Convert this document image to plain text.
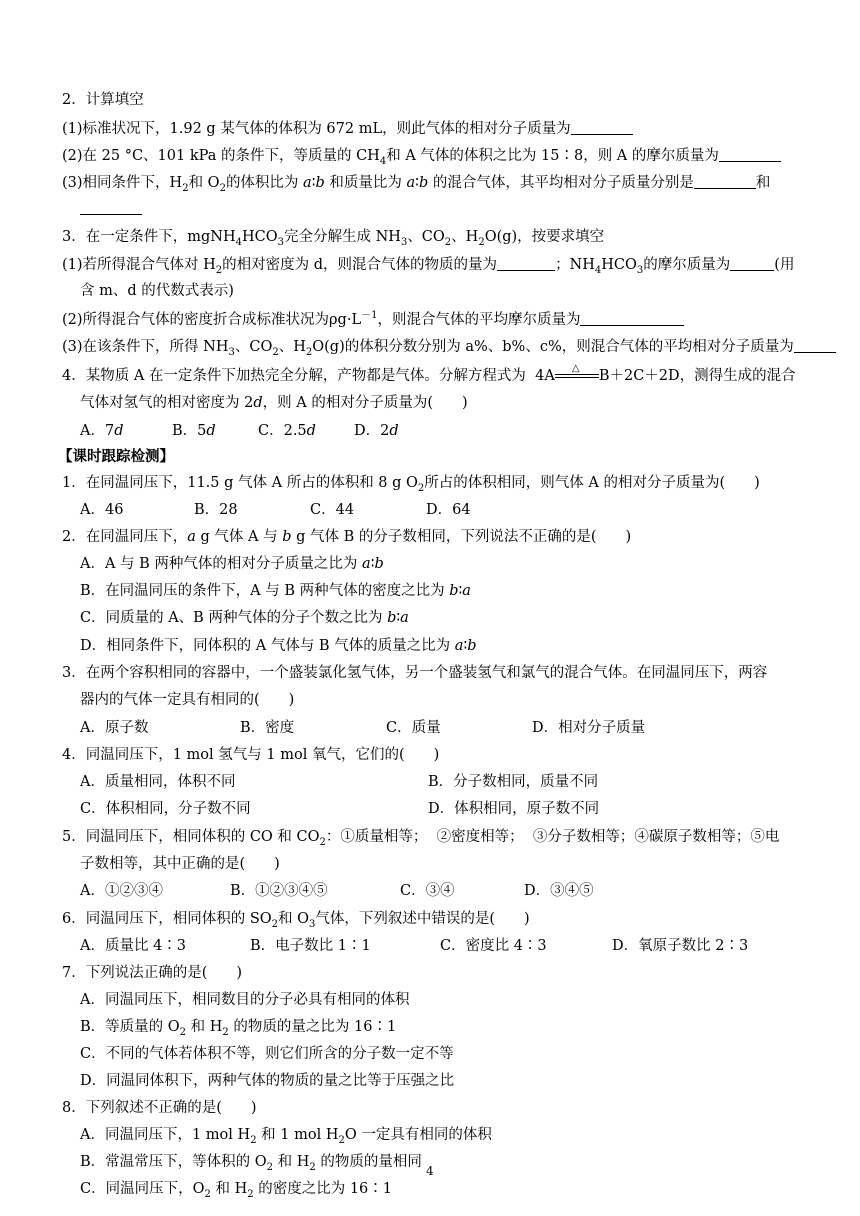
2．计算填空
(1)标准状况下，1.92 g 某气体的体积为 672 mL，则此气体的相对分子质量为
(2)在 25 °C、101 kPa 的条件下，等质量的 $CH_4$和 A 气体的体积之比为 15∶8，则 A 的摩尔质量为
(3)相同条件下，$H_2$和 $O_2$的体积比为 a∶b 和质量比为 a∶b 的混合气体，其平均相对分子质量分别是	和
3．在一定条件下，$mgNH_4HCO_3$完全分解生成 $NH_3$、$CO_2$、$H_2O(g)$，按要求填空
(1)若所得混合气体对 $H_2$的相对密度为 d，则混合气体的物质的量为	；$NH_4HCO_3$的摩尔质量为	(用
含 m、d 的代数式表示)
(2)所得混合气体的密度折合成标准状况为$\rho g\cdot L^{-1}$，则混合气体的平均摩尔质量为
(3)在该条件下，所得 $NH_3$、$CO_2$、$H_2O(g)$的体积分数分别为 a%、b%、c%，则混合气体的平均相对分子质量为
4．某物质 A 在一定条件下加热完全分解，产物都是气体。分解方程式为  4A △ B＋2C＋2D，测得生成的混合
气体对氢气的相对密度为 2d，则 A 的相对分子质量为(　　)
A．7d	B．5d	C．2.5d	D．2d
【课时跟踪检测】
1．在同温同压下，11.5 g 气体 A 所占的体积和 8 g $O_2$所占的体积相同，则气体 A 的相对分子质量为(　　)
A．46	B．28	C．44	D．64
2．在同温同压下，a g 气体 A 与 b g 气体 B 的分子数相同，下列说法不正确的是(　　)
A．A 与 B 两种气体的相对分子质量之比为 a∶b
B．在同温同压的条件下，A 与 B 两种气体的密度之比为 b∶a
C．同质量的 A、B 两种气体的分子个数之比为 b∶a
D．相同条件下，同体积的 A 气体与 B 气体的质量之比为 a∶b
3．在两个容积相同的容器中，一个盛装氯化氢气体，另一个盛装氢气和氯气的混合气体。在同温同压下，两容
器内的气体一定具有相同的(　　)
A．原子数	B．密度	C．质量	D．相对分子质量
4．同温同压下，1 mol 氢气与 1 mol 氧气，它们的(　　)
A．质量相同，体积不同	B．分子数相同，质量不同
C．体积相同，分子数不同	D．体积相同，原子数不同
5．同温同压下，相同体积的 CO 和 $CO_2$：①质量相等；  ②密度相等；  ③分子数相等；④碳原子数相等；⑤电
子数相等，其中正确的是(　　)
A．①②③④	B．①②③④⑤	C．③④	D．③④⑤
6．同温同压下，相同体积的 $SO_2$和 $O_3$气体，下列叙述中错误的是(　　)
A．质量比 4∶3	B．电子数比 1∶1	C．密度比 4∶3	D．氧原子数比 2∶3
7．下列说法正确的是(　　)
A．同温同压下，相同数目的分子必具有相同的体积
B．等质量的 $O_2$ 和 $H_2$ 的物质的量之比为 16∶1
C．不同的气体若体积不等，则它们所含的分子数一定不等
D．同温同体积下，两种气体的物质的量之比等于压强之比
8．下列叙述不正确的是(　　)
A．同温同压下，1 mol $H_2$ 和 1 mol $H_2O$ 一定具有相同的体积
B．常温常压下，等体积的 $O_2$ 和 $H_2$ 的物质的量相同
C．同温同压下，$O_2$ 和 $H_2$ 的密度之比为 16∶1
4
